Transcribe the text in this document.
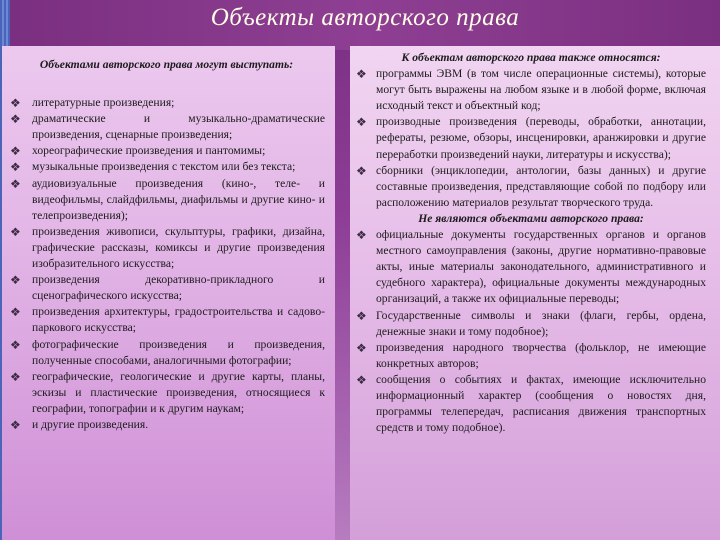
Объекты авторского права
Объектами авторского права могут выступать:
❖ литературные произведения;
❖ драматические и музыкально-драматические произведения, сценарные произведения;
❖ хореографические произведения и пантомимы;
❖ музыкальные произведения с текстом или без текста;
❖ аудиовизуальные произведения (кино-, теле- и видеофильмы, слайдфильмы, диафильмы и другие кино- и телепроизведения);
❖ произведения живописи, скульптуры, графики, дизайна, графические рассказы, комиксы и другие произведения изобразительного искусства;
❖ произведения декоративно-прикладного и сценографического искусства;
❖ произведения архитектуры, градостроительства и садово-паркового искусства;
❖ фотографические произведения и произведения, полученные способами, аналогичными фотографии;
❖ географические, геологические и другие карты, планы, эскизы и пластические произведения, относящиеся к географии, топографии и к другим наукам;
❖ и другие произведения.
К объектам авторского права также относятся:
❖ программы ЭВМ (в том числе операционные системы), которые могут быть выражены на любом языке и в любой форме, включая исходный текст и объектный код;
❖ производные произведения (переводы, обработки, аннотации, рефераты, резюме, обзоры, инсценировки, аранжировки и другие переработки произведений науки, литературы и искусства);
❖ сборники (энциклопедии, антологии, базы данных) и другие составные произведения, представляющие собой по подбору или расположению материалов результат творческого труда.
Не являются объектами авторского права:
❖ официальные документы государственных органов и органов местного самоуправления (законы, другие нормативно-правовые акты, иные материалы законодательного, административного и судебного характера), официальные документы международных организаций, а также их официальные переводы;
❖ Государственные символы и знаки (флаги, гербы, ордена, денежные знаки и тому подобное);
❖ произведения народного творчества (фольклор, не имеющие конкретных авторов;
❖ сообщения о событиях и фактах, имеющие исключительно информационный характер (сообщения о новостях дня, программы телепередач, расписания движения транспортных средств и тому подобное).
